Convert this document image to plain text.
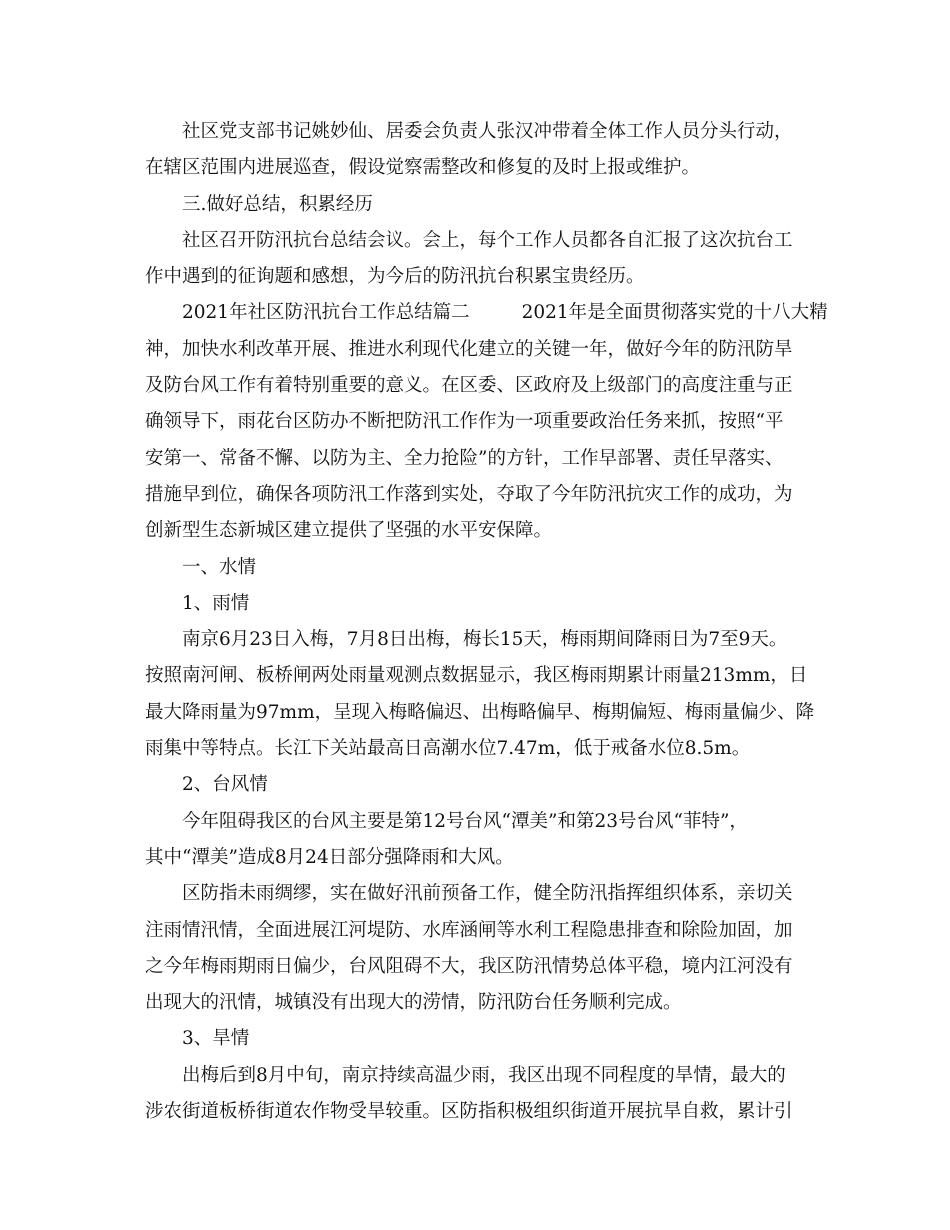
社区党支部书记姚妙仙、居委会负责人张汉冲带着全体工作人员分头行动，
在辖区范围内进展巡查，假设觉察需整改和修复的及时上报或维护。
三.做好总结，积累经历
社区召开防汛抗台总结会议。会上，每个工作人员都各自汇报了这次抗台工
作中遇到的征询题和感想，为今后的防汛抗台积累宝贵经历。
2021年社区防汛抗台工作总结篇二	2021年是全面贯彻落实党的十八大精
神，加快水利改革开展、推进水利现代化建立的关键一年，做好今年的防汛防旱
及防台风工作有着特别重要的意义。在区委、区政府及上级部门的高度注重与正
确领导下，雨花台区防办不断把防汛工作作为一项重要政治任务来抓，按照“平
安第一、常备不懈、以防为主、全力抢险”的方针，工作早部署、责任早落实、
措施早到位，确保各项防汛工作落到实处，夺取了今年防汛抗灾工作的成功，为
创新型生态新城区建立提供了坚强的水平安保障。
一、水情
1、雨情
南京6月23日入梅，7月8日出梅，梅长15天，梅雨期间降雨日为7至9天。
按照南河闸、板桥闸两处雨量观测点数据显示，我区梅雨期累计雨量213mm，日
最大降雨量为97mm，呈现入梅略偏迟、出梅略偏早、梅期偏短、梅雨量偏少、降
雨集中等特点。长江下关站最高日高潮水位7.47m，低于戒备水位8.5m。
2、台风情
今年阻碍我区的台风主要是第12号台风“潭美”和第23号台风“菲特”，
其中“潭美”造成8月24日部分强降雨和大风。
区防指未雨绸缪，实在做好汛前预备工作，健全防汛指挥组织体系，亲切关
注雨情汛情，全面进展江河堤防、水库涵闸等水利工程隐患排查和除险加固，加
之今年梅雨期雨日偏少，台风阻碍不大，我区防汛情势总体平稳，境内江河没有
出现大的汛情，城镇没有出现大的涝情，防汛防台任务顺利完成。
3、旱情
出梅后到8月中旬，南京持续高温少雨，我区出现不同程度的旱情，最大的
涉农街道板桥街道农作物受旱较重。区防指积极组织街道开展抗旱自救，累计引
